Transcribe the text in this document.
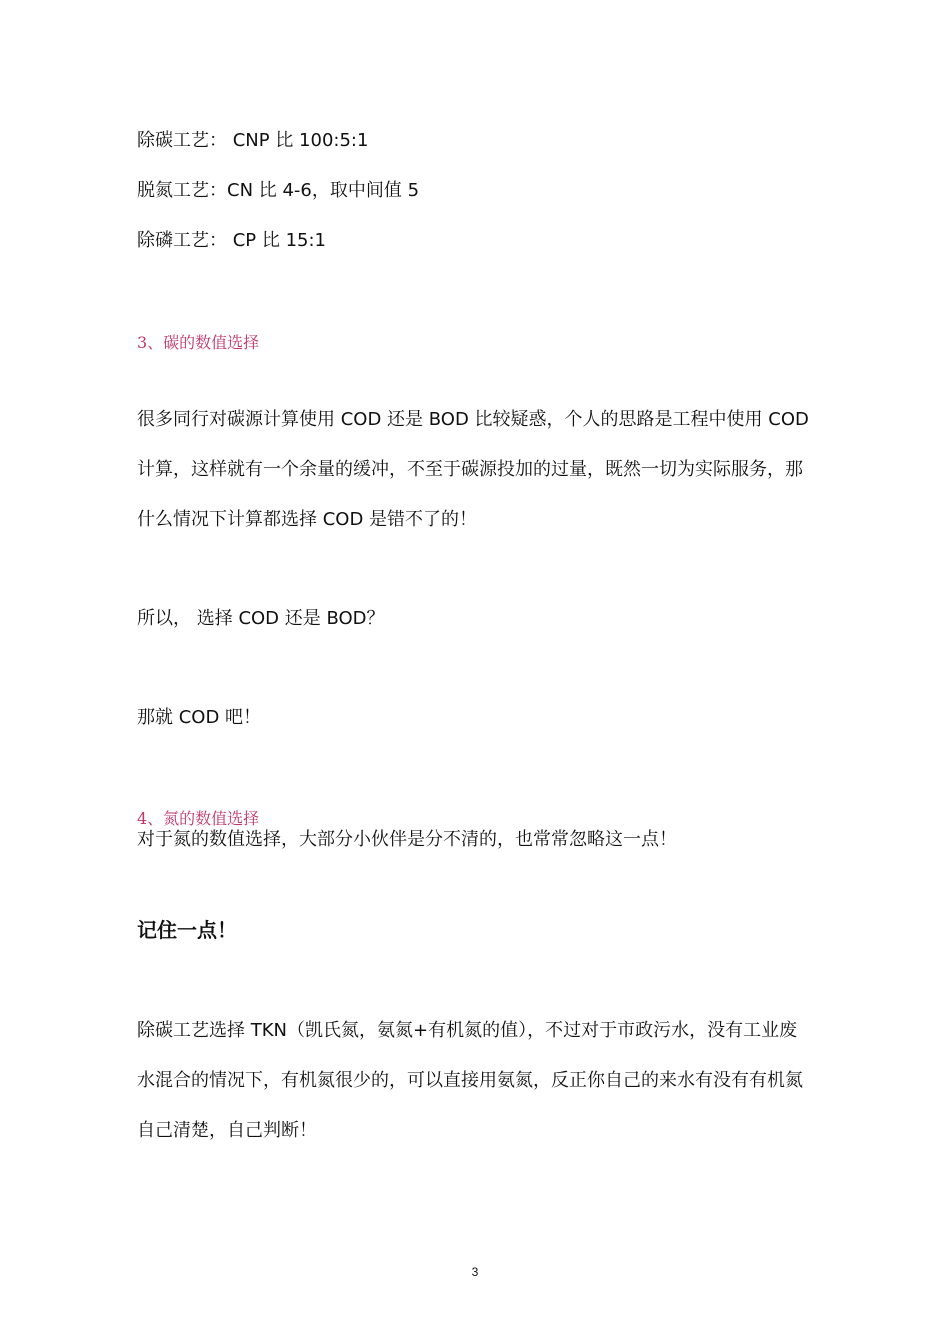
除碳工艺： CNP 比 100:5:1
脱氮工艺：CN 比 4-6，取中间值 5
除磷工艺： CP 比 15:1
3、碳的数值选择
很多同行对碳源计算使用 COD 还是 BOD 比较疑惑，个人的思路是工程中使用 COD
计算，这样就有一个余量的缓冲，不至于碳源投加的过量，既然一切为实际服务，那
什么情况下计算都选择 COD 是错不了的！
所以， 选择 COD 还是 BOD？
那就 COD 吧！
4、氮的数值选择
对于氮的数值选择，大部分小伙伴是分不清的，也常常忽略这一点！
记住一点！
除碳工艺选择 TKN（凯氏氮，氨氮+有机氮的值），不过对于市政污水，没有工业废
水混合的情况下，有机氮很少的，可以直接用氨氮，反正你自己的来水有没有有机氮
自己清楚，自己判断！
3
